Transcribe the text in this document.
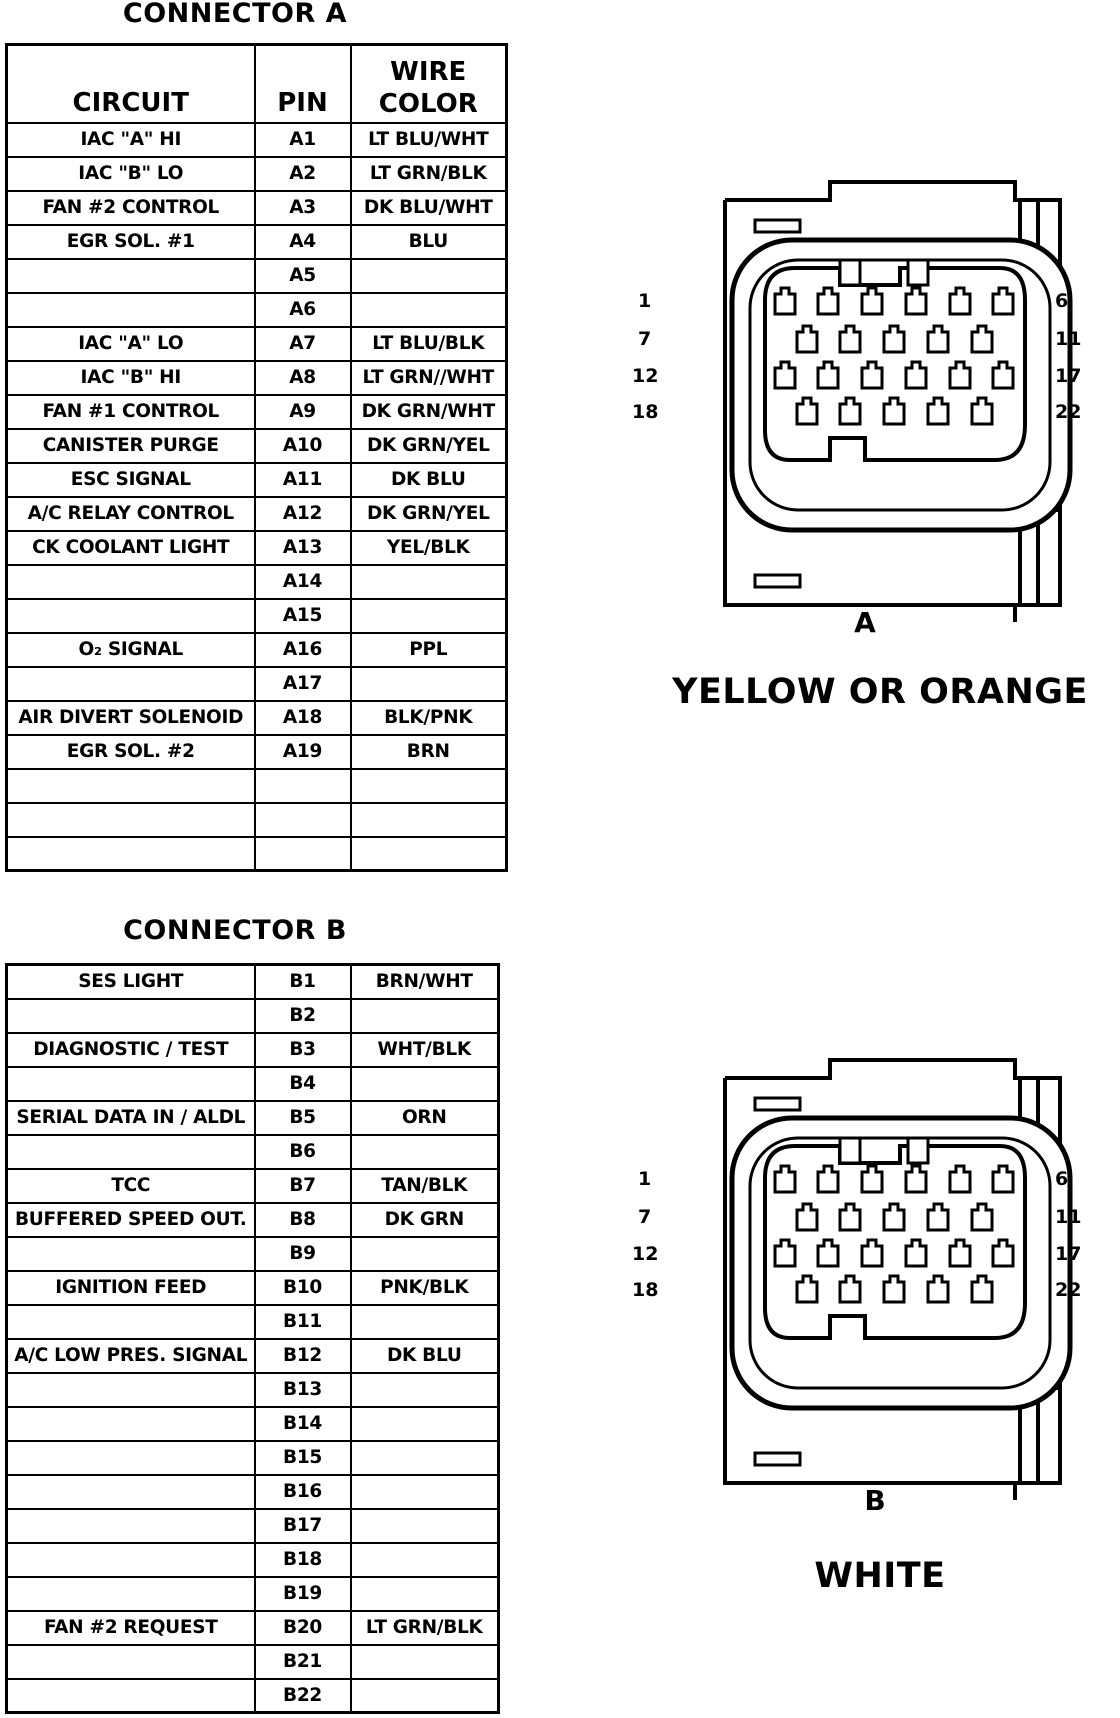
CONNECTOR A
CIRCUIT	PIN	WIRE
COLOR
IAC "A" HI	A1	LT BLU/WHT
IAC "B" LO	A2	LT GRN/BLK
FAN #2 CONTROL	A3	DK BLU/WHT
EGR SOL. #1	A4	BLU
	A5	
	A6	
IAC "A" LO	A7	LT BLU/BLK
IAC "B" HI	A8	LT GRN//WHT
FAN #1 CONTROL	A9	DK GRN/WHT
CANISTER PURGE	A10	DK GRN/YEL
ESC SIGNAL	A11	DK BLU
A/C RELAY CONTROL	A12	DK GRN/YEL
CK COOLANT LIGHT	A13	YEL/BLK
	A14	
	A15	
O₂ SIGNAL	A16	PPL
	A17	
AIR DIVERT SOLENOID	A18	BLK/PNK
EGR SOL. #2	A19	BRN

CONNECTOR B
SES LIGHT	B1	BRN/WHT
	B2	
DIAGNOSTIC / TEST	B3	WHT/BLK
	B4	
SERIAL DATA IN / ALDL	B5	ORN
	B6	
TCC	B7	TAN/BLK
BUFFERED SPEED OUT.	B8	DK GRN
	B9	
IGNITION FEED	B10	PNK/BLK
	B11	
A/C LOW PRES. SIGNAL	B12	DK BLU
	B13	
	B14	
	B15	
	B16	
	B17	
	B18	
	B19	
FAN #2 REQUEST	B20	LT GRN/BLK
	B21	
	B22	
1	6
7	11
12	17
18	22
A
YELLOW OR ORANGE
1	6
7	11
12	17
18	22
B
WHITE
